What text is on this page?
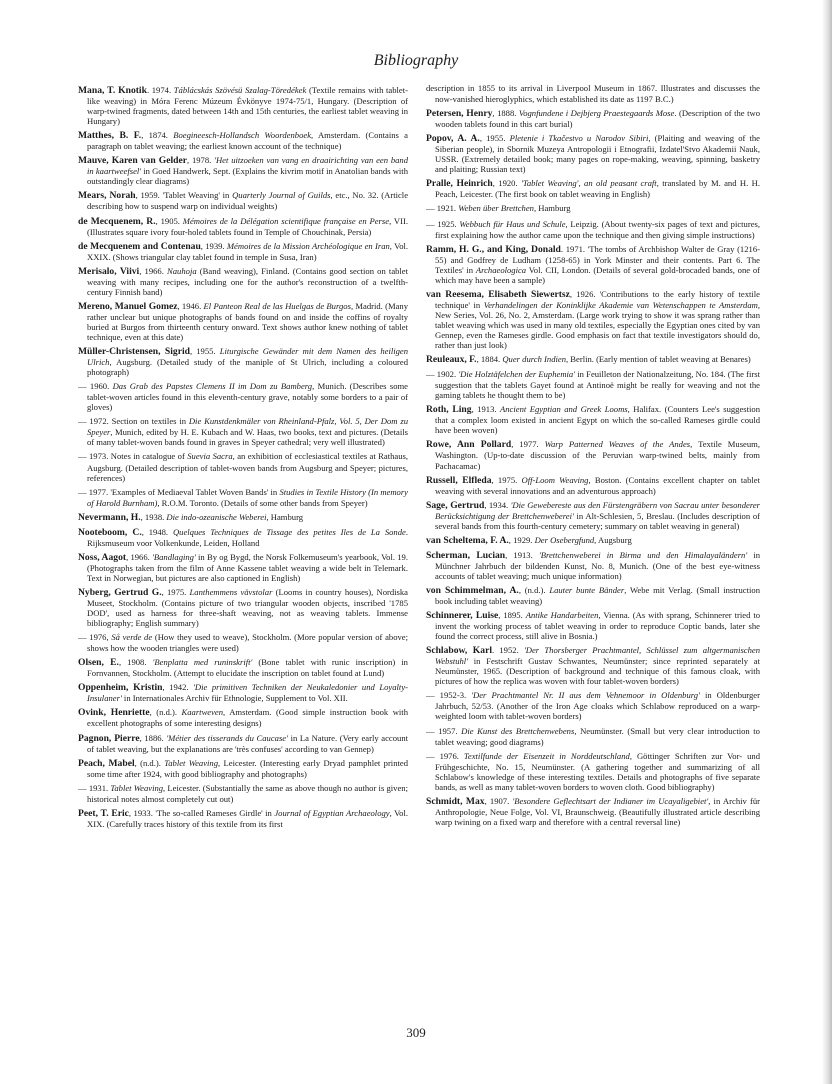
Bibliography

Mana, T. Knotik. 1974. Táblácskás Szövésü Szalag-Töredékek (Textile remains with tablet-like weaving) in Móra Ferenc Múzeum Évkönyve 1974-75/1, Hungary. (Description of warp-twined fragments, dated between 14th and 15th centuries, the earliest tablet weaving in Hungary)

Matthes, B. F., 1874. Boegineesch-Hollandsch Woordenboek, Amsterdam. (Contains a paragraph on tablet weaving; the earliest known account of the technique)

Mauve, Karen van Gelder, 1978. 'Het uitzoeken van vang en draairichting van een band in kaartweefsel' in Goed Handwerk, Sept. (Explains the kivrim motif in Anatolian bands with outstandingly clear diagrams)

Mears, Norah, 1959. 'Tablet Weaving' in Quarterly Journal of Guilds, etc., No. 32. (Article describing how to suspend warp on individual weights)

de Mecquenem, R., 1905. Mémoires de la Délégation scientifique française en Perse, VII. (Illustrates square ivory four-holed tablets found in Temple of Chouchinak, Persia)

de Mecquenem and Contenau, 1939. Mémoires de la Mission Archéologique en Iran, Vol. XXIX. (Shows triangular clay tablet found in temple in Susa, Iran)

Merisalo, Viivi, 1966. Nauhoja (Band weaving), Finland. (Contains good section on tablet weaving with many recipes, including one for the author's reconstruction of a twelfth-century Finnish band)

Mereno, Manuel Gomez, 1946. El Panteon Real de las Huelgas de Burgos, Madrid. (Many rather unclear but unique photographs of bands found on and inside the coffins of royalty buried at Burgos from thirteenth century onward. Text shows author knew nothing of tablet technique, even at this date)

Müller-Christensen, Sigrid, 1955. Liturgische Gewänder mit dem Namen des heiligen Ulrich, Augsburg. (Detailed study of the maniple of St Ulrich, including a coloured photograph)

— 1960. Das Grab des Papstes Clemens II im Dom zu Bamberg, Munich. (Describes some tablet-woven articles found in this eleventh-century grave, notably some borders to a pair of gloves)

— 1972. Section on textiles in Die Kunstdenkmäler von Rheinland-Pfalz, Vol. 5, Der Dom zu Speyer, Munich, edited by H. E. Kubach and W. Haas, two books, text and pictures. (Details of many tablet-woven bands found in graves in Speyer cathedral; very well illustrated)

— 1973. Notes in catalogue of Suevia Sacra, an exhibition of ecclesiastical textiles at Rathaus, Augsburg. (Detailed description of tablet-woven bands from Augsburg and Speyer; pictures, references)

— 1977. 'Examples of Mediaeval Tablet Woven Bands' in Studies in Textile History (In memory of Harold Burnham), R.O.M. Toronto. (Details of some other bands from Speyer)

Nevermann, H., 1938. Die indo-ozeanische Weberei, Hamburg

Nooteboom, C., 1948. Quelques Techniques de Tissage des petites Iles de La Sonde. Rijksmuseum voor Volkenkunde, Leiden, Holland

Noss, Aagot, 1966. 'Bandlaging' in By og Bygd, the Norsk Folkemuseum's yearbook, Vol. 19. (Photographs taken from the film of Anne Kassene tablet weaving a wide belt in Telemark. Text in Norwegian, but pictures are also captioned in English)

Nyberg, Gertrud G., 1975. Lanthemmens vävstolar (Looms in country houses), Nordiska Museet, Stockholm. (Contains picture of two triangular wooden objects, inscribed '1785 DOD', used as harness for three-shaft weaving, not as weaving tablets. Immense bibliography; English summary)

— 1976, Så verde de (How they used to weave), Stockholm. (More popular version of above; shows how the wooden triangles were used)

Olsen, E., 1908. 'Benplatta med runinskrift' (Bone tablet with runic inscription) in Fornvannen, Stockholm. (Attempt to elucidate the inscription on tablet found at Lund)

Oppenheim, Kristin, 1942. 'Die primitiven Techniken der Neukaledonier und Loyalty-Insulaner' in Internationales Archiv für Ethnologie, Supplement to Vol. XII.

Ovink, Henriette, (n.d.). Kaartweven, Amsterdam. (Good simple instruction book with excellent photographs of some interesting designs)

Pagnon, Pierre, 1886. 'Métier des tisserands du Caucase' in La Nature. (Very early account of tablet weaving, but the explanations are 'très confuses' according to van Gennep)

Peach, Mabel, (n.d.). Tablet Weaving, Leicester. (Interesting early Dryad pamphlet printed some time after 1924, with good bibliography and photographs)

— 1931. Tablet Weaving, Leicester. (Substantially the same as above though no author is given; historical notes almost completely cut out)

Peet, T. Eric, 1933. 'The so-called Rameses Girdle' in Journal of Egyptian Archaeology, Vol. XIX. (Carefully traces history of this textile from its first

description in 1855 to its arrival in Liverpool Museum in 1867. Illustrates and discusses the now-vanished hieroglyphics, which established its date as 1197 B.C.)

Petersen, Henry, 1888. Vognfundene i Dejbjerg Praestegaards Mose. (Description of the two wooden tablets found in this cart burial)

Popov, A. A., 1955. Pletenie i Tkačestvo u Narodov Sibiri, (Plaiting and weaving of the Siberian people), in Sbornik Muzeya Antropologii i Etnografii, Izdatel'Stvo Akademii Nauk, USSR. (Extremely detailed book; many pages on rope-making, weaving, spinning, basketry and plaiting; Russian text)

Pralle, Heinrich, 1920. 'Tablet Weaving', an old peasant craft, translated by M. and H. H. Peach, Leicester. (The first book on tablet weaving in English)

— 1921. Weben über Brettchen, Hamburg

— 1925. Webbuch für Haus und Schule, Leipzig. (About twenty-six pages of text and pictures, first explaining how the author came upon the technique and then giving simple instructions)

Ramm, H. G., and King, Donald. 1971. 'The tombs of Archbishop Walter de Gray (1216-55) and Godfrey de Ludham (1258-65) in York Minster and their contents. Part 6. The Textiles' in Archaeologica Vol. CII, London. (Details of several gold-brocaded bands, one of which may have been a sample)

van Reesema, Elisabeth Siewertsz, 1926. 'Contributions to the early history of textile technique' in Verhandelingen der Koninklijke Akademie van Wetenschappen te Amsterdam, New Series, Vol. 26, No. 2, Amsterdam. (Large work trying to show it was sprang rather than tablet weaving which was used in many old textiles, especially the Egyptian ones cited by van Gennep, even the Rameses girdle. Good emphasis on fact that textile investigators should do, rather than just look)

Reuleaux, F., 1884. Quer durch Indien, Berlin. (Early mention of tablet weaving at Benares)

— 1902. 'Die Holztäfelchen der Euphemia' in Feuilleton der Nationalzeitung, No. 184. (The first suggestion that the tablets Gayet found at Antinoë might be really for weaving and not the gaming tablets he thought them to be)

Roth, Ling, 1913. Ancient Egyptian and Greek Looms, Halifax. (Counters Lee's suggestion that a complex loom existed in ancient Egypt on which the so-called Rameses girdle could have been woven)

Rowe, Ann Pollard, 1977. Warp Patterned Weaves of the Andes, Textile Museum, Washington. (Up-to-date discussion of the Peruvian warp-twined belts, mainly from Pachacamac)

Russell, Elfleda, 1975. Off-Loom Weaving, Boston. (Contains excellent chapter on tablet weaving with several innovations and an adventurous approach)

Sage, Gertrud, 1934. 'Die Gewebereste aus den Fürstengräbern von Sacrau unter besonderer Berücksichtigung der Brettchenweberei' in Alt-Schlesien, 5, Breslau. (Includes description of several bands from this fourth-century cemetery; summary on tablet weaving in general)

van Scheltema, F. A., 1929. Der Osebergfund, Augsburg

Scherman, Lucian, 1913. 'Brettchenweberei in Birma und den Himalayaländern' in Münchner Jahrbuch der bildenden Kunst, No. 8, Munich. (One of the best eye-witness accounts of tablet weaving; much unique information)

von Schimmelman, A., (n.d.). Lauter bunte Bänder, Webe mit Verlag. (Small instruction book including tablet weaving)

Schinnerer, Luise, 1895. Antike Handarbeiten, Vienna. (As with sprang, Schinnerer tried to invent the working process of tablet weaving in order to reproduce Coptic bands, later she found the correct process, still alive in Bosnia.)

Schlabow, Karl. 1952. 'Der Thorsberger Prachtmantel, Schlüssel zum altgermanischen Webstuhl' in Festschrift Gustav Schwantes, Neumünster; since reprinted separately at Neumünster, 1965. (Description of background and technique of this famous cloak, with pictures of how the replica was woven with four tablet-woven borders)

— 1952-3. 'Der Prachtmantel Nr. II aus dem Vehnemoor in Oldenburg' in Oldenburger Jahrbuch, 52/53. (Another of the Iron Age cloaks which Schlabow reproduced on a warp-weighted loom with tablet-woven borders)

— 1957. Die Kunst des Brettchenwebens, Neumünster. (Small but very clear introduction to tablet weaving; good diagrams)

— 1976. Textilfunde der Eisenzeit in Norddeutschland, Göttinger Schriften zur Vor- und Frühgeschichte, No. 15, Neumünster. (A gathering together and summarizing of all Schlabow's knowledge of these interesting textiles. Details and photographs of five separate bands, as well as many tablet-woven borders to woven cloth. Good bibliography)

Schmidt, Max, 1907. 'Besondere Geflechtsart der Indianer im Ucayaligebiet', in Archiv für Anthropologie, Neue Folge, Vol. VI, Braunschweig. (Beautifully illustrated article describing warp twining on a fixed warp and therefore with a central reversal line)

309
